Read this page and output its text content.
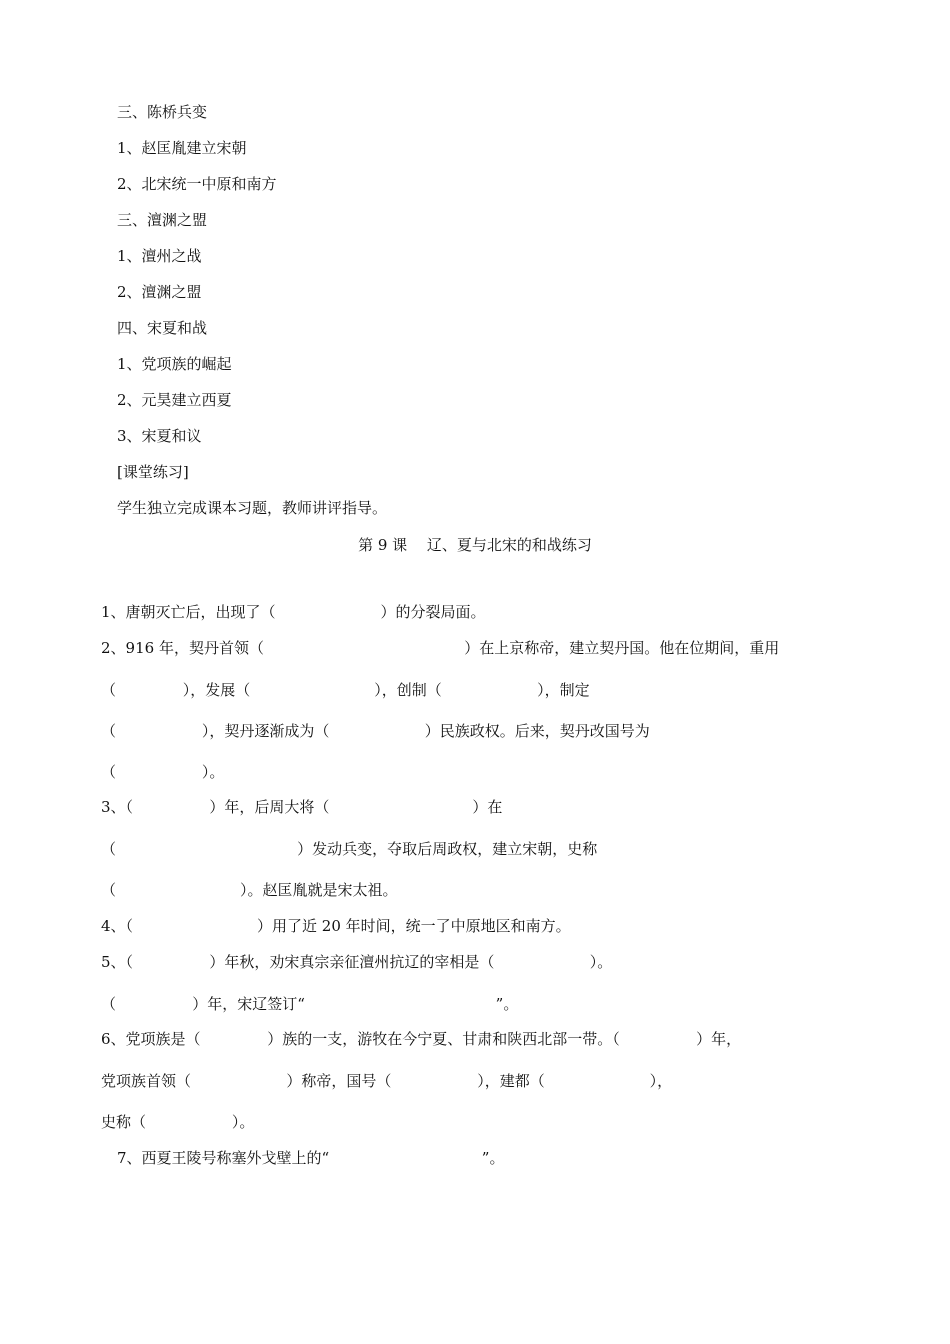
三、陈桥兵变
1、赵匡胤建立宋朝
2、北宋统一中原和南方
三、澶渊之盟
1、澶州之战
2、澶渊之盟
四、宋夏和战
1、党项族的崛起
2、元昊建立西夏
3、宋夏和议
[课堂练习]
学生独立完成课本习题，教师讲评指导。
第 9 课　 辽、夏与北宋的和战练习
1、唐朝灭亡后，出现了（                      ）的分裂局面。
2、916 年，契丹首领（                                          ）在上京称帝，建立契丹国。他在位期间，重用
（              ），发展（                          ），创制（                    ），制定
（                  ），契丹逐渐成为（                    ）民族政权。后来，契丹改国号为
（                  ）。
3、（                ）年，后周大将（                              ）在
（                                      ）发动兵变，夺取后周政权，建立宋朝，史称
（                          ）。赵匡胤就是宋太祖。
4、（                          ）用了近 20 年时间，统一了中原地区和南方。
5、（                ）年秋，劝宋真宗亲征澶州抗辽的宰相是（                    ）。
（                ）年，宋辽签订“                                        ”。
6、党项族是（              ）族的一支，游牧在今宁夏、甘肃和陕西北部一带。（                ）年，
党项族首领（                    ）称帝，国号（                  ），建都（                      ），
史称（                  ）。
7、西夏王陵号称塞外戈壁上的“                                ”。
